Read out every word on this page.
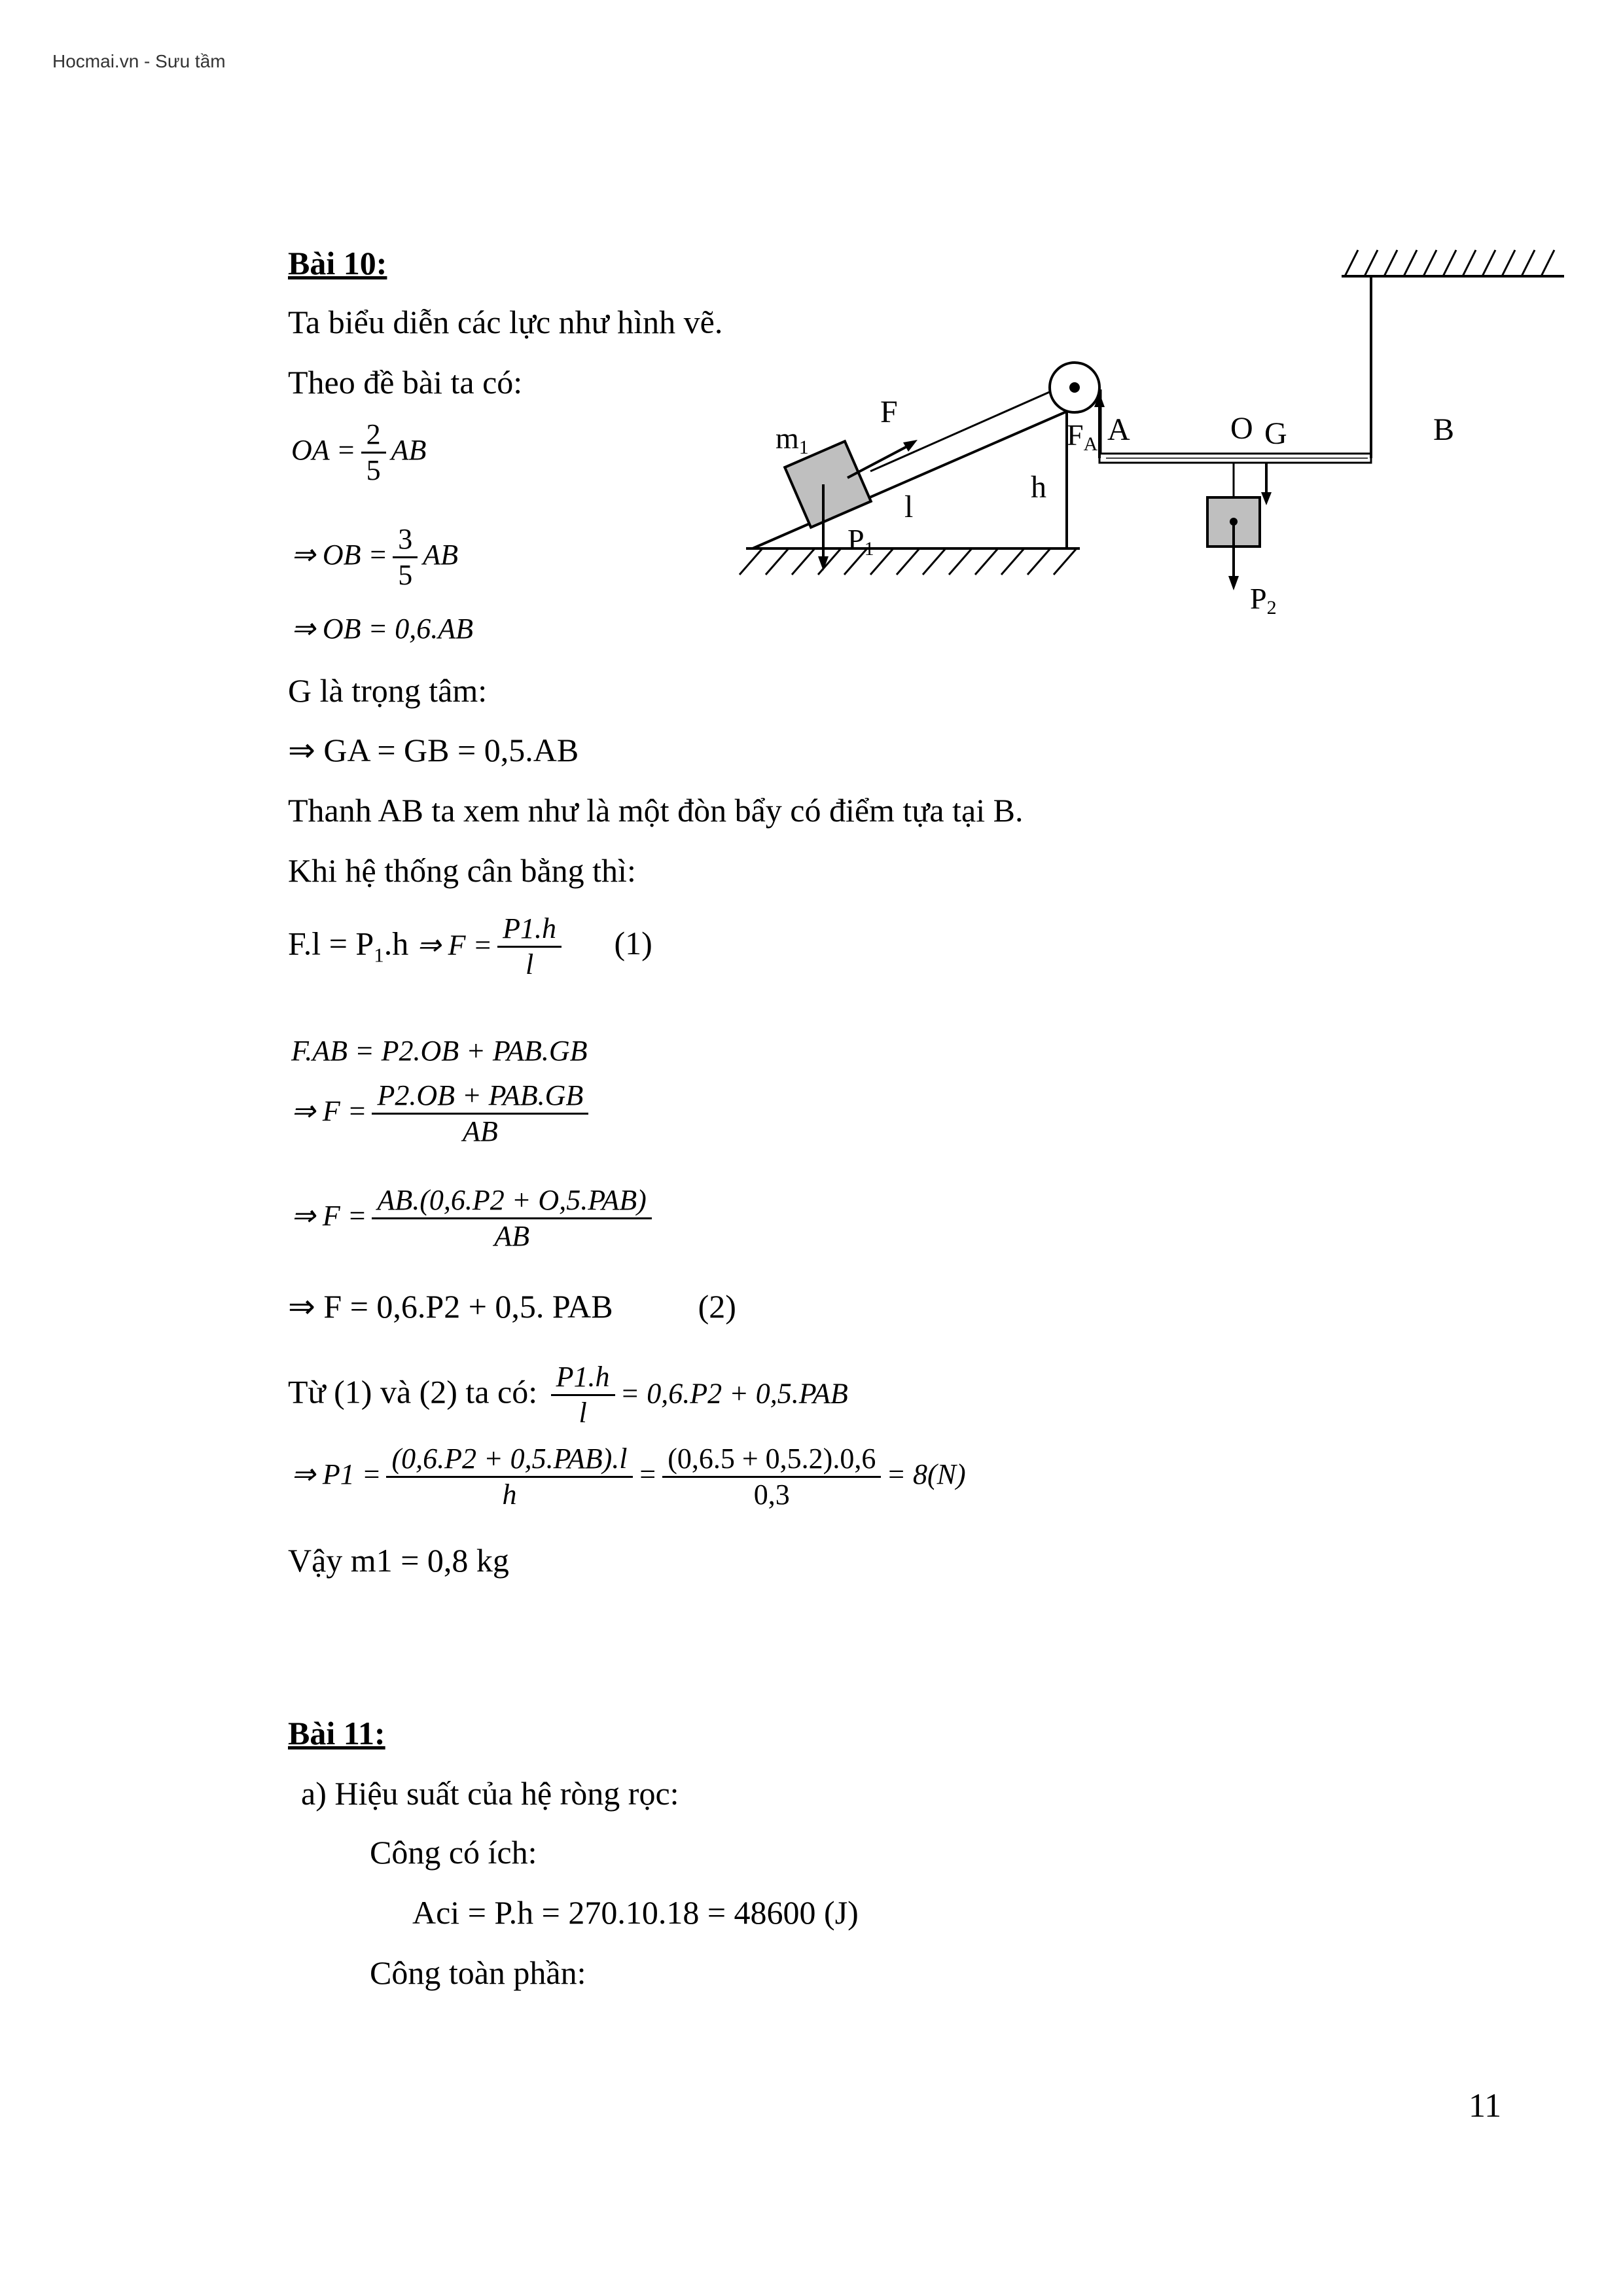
Hocmai.vn - Sưu tầm
Bài 10:
Ta biểu diễn các lực như hình vẽ.
Theo đề bài ta có:
OA = $\frac{2}{5}$ AB
⇒ OB = $\frac{3}{5}$ AB
⇒ OB = 0,6.AB
G là trọng tâm:
⇒ GA = GB = 0,5.AB
Thanh AB ta xem như là một đòn bẩy có điểm tựa tại B.
Khi hệ thống cân bằng thì:
$F.l = P_1.h$ ⇒ $F = \frac{P1.h}{l} (1)$
F.AB = P2.OB + PAB.GB
⇒ $F = \frac{\text{P2.OB + PAB.GB}}{AB}$
⇒ $F = \frac{\text{AB.(0,6.P2 + O,5.PAB)}}{AB}$
⇒ F = 0,6.P2 + 0,5. PAB	(2)
Từ (1) và (2) ta có: $\frac{P1.h}{l} = 0,6.P2 + 0,5.PAB$
⇒ $P1 = \frac{\text{(0,6.P2 + 0,5.PAB).l}}{h} = \frac{(0,6.5 + 0,5.2).0,6}{0,3} = 8(N)$
Vậy m1 = 0,8 kg
m1
F
l
h
P1
FA A	O G	B
P2
Bài 11:
a) Hiệu suất của hệ ròng rọc:
Công có ích:
Aci = P.h = 270.10.18 = 48600 (J)
Công toàn phần:
11
